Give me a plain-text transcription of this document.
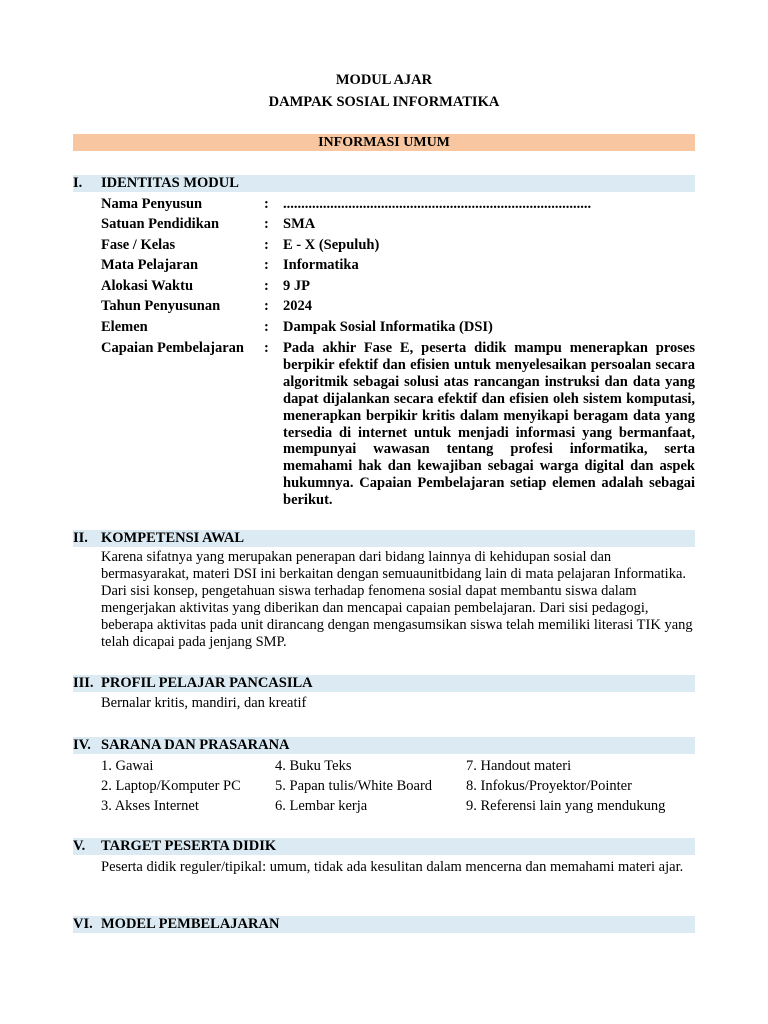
MODUL AJAR
DAMPAK SOSIAL INFORMATIKA
INFORMASI UMUM
I. IDENTITAS MODUL
Nama Penyusun	: .....................................................................................
Satuan Pendidikan	: SMA
Fase / Kelas	: E - X (Sepuluh)
Mata Pelajaran	: Informatika
Alokasi Waktu	: 9 JP
Tahun Penyusunan	: 2024
Elemen	: Dampak Sosial Informatika (DSI)
Capaian Pembelajaran : Pada akhir Fase E, peserta didik mampu menerapkan proses berpikir efektif dan efisien untuk menyelesaikan persoalan secara algoritmik sebagai solusi atas rancangan instruksi dan data yang dapat dijalankan secara efektif dan efisien oleh sistem komputasi, menerapkan berpikir kritis dalam menyikapi beragam data yang tersedia di internet untuk menjadi informasi yang bermanfaat, mempunyai wawasan tentang profesi informatika, serta memahami hak dan kewajiban sebagai warga digital dan aspek hukumnya. Capaian Pembelajaran setiap elemen adalah sebagai berikut.
II. KOMPETENSI AWAL
Karena sifatnya yang merupakan penerapan dari bidang lainnya di kehidupan sosial dan bermasyarakat, materi DSI ini berkaitan dengan semuaunitbidang lain di mata pelajaran Informatika. Dari sisi konsep, pengetahuan siswa terhadap fenomena sosial dapat membantu siswa dalam mengerjakan aktivitas yang diberikan dan mencapai capaian pembelajaran. Dari sisi pedagogi, beberapa aktivitas pada unit dirancang dengan mengasumsikan siswa telah memiliki literasi TIK yang telah dicapai pada jenjang SMP.
III. PROFIL PELAJAR PANCASILA
Bernalar kritis, mandiri, dan kreatif
IV. SARANA DAN PRASARANA
1. Gawai	4. Buku Teks	7. Handout materi
2. Laptop/Komputer PC 5. Papan tulis/White Board 8. Infokus/Proyektor/Pointer
3. Akses Internet	6. Lembar kerja	9. Referensi lain yang mendukung
V. TARGET PESERTA DIDIK
Peserta didik reguler/tipikal: umum, tidak ada kesulitan dalam mencerna dan memahami materi ajar.
VI. MODEL PEMBELAJARAN
